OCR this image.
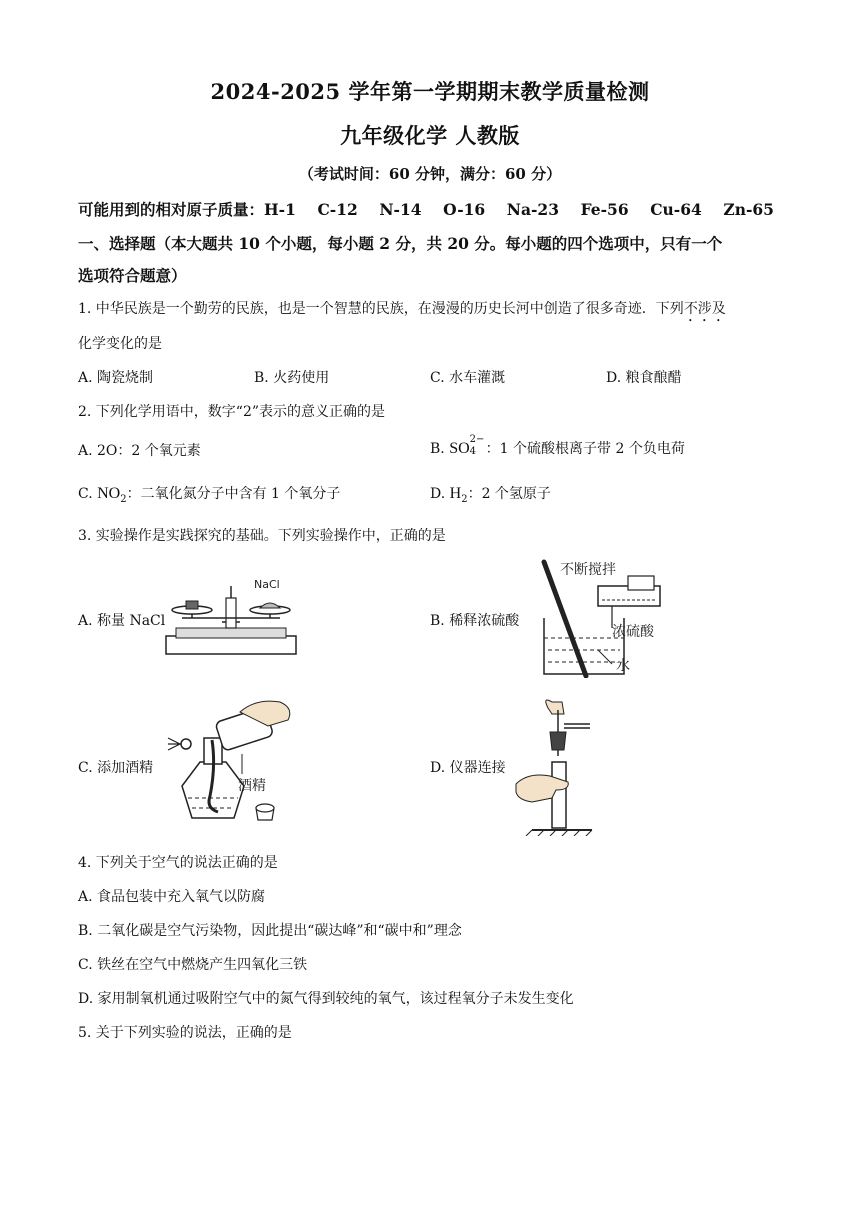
2024-2025 学年第一学期期末教学质量检测
九年级化学 人教版
（考试时间：60 分钟，满分：60 分）
可能用到的相对原子质量：H-1    C-12    N-14    O-16    Na-23    Fe-56    Cu-64    Zn-65
一、选择题（本大题共 10 个小题，每小题 2 分，共 20 分。每小题的四个选项中，只有一个
选项符合题意）
1. 中华民族是一个勤劳的民族，也是一个智慧的民族，在漫漫的历史长河中创造了很多奇迹．下列不涉及
化学变化的是
A. 陶瓷烧制	B. 火药使用	C. 水车灌溉	D. 粮食酿醋
2. 下列化学用语中，数字“2”表示的意义正确的是
A. 2O：2 个氧元素	B. SO
2−
4 ：1 个硫酸根离子带 2 个负电荷
C. $NO_2$：二氧化氮分子中含有 1 个氧分子	D. $H_2$：2 个氢原子
3. 实验操作是实践探究的基础。下列实验操作中，正确的是
A. 称量 NaCl
NaCl
B. 稀释浓硫酸
不断搅拌
浓硫酸
水
C. 添加酒精
酒精
D. 仪器连接
4. 下列关于空气的说法正确的是
A. 食品包装中充入氧气以防腐
B. 二氧化碳是空气污染物，因此提出“碳达峰”和“碳中和”理念
C. 铁丝在空气中燃烧产生四氧化三铁
D. 家用制氧机通过吸附空气中的氮气得到较纯的氧气，该过程氧分子未发生变化
5. 关于下列实验的说法，正确的是
